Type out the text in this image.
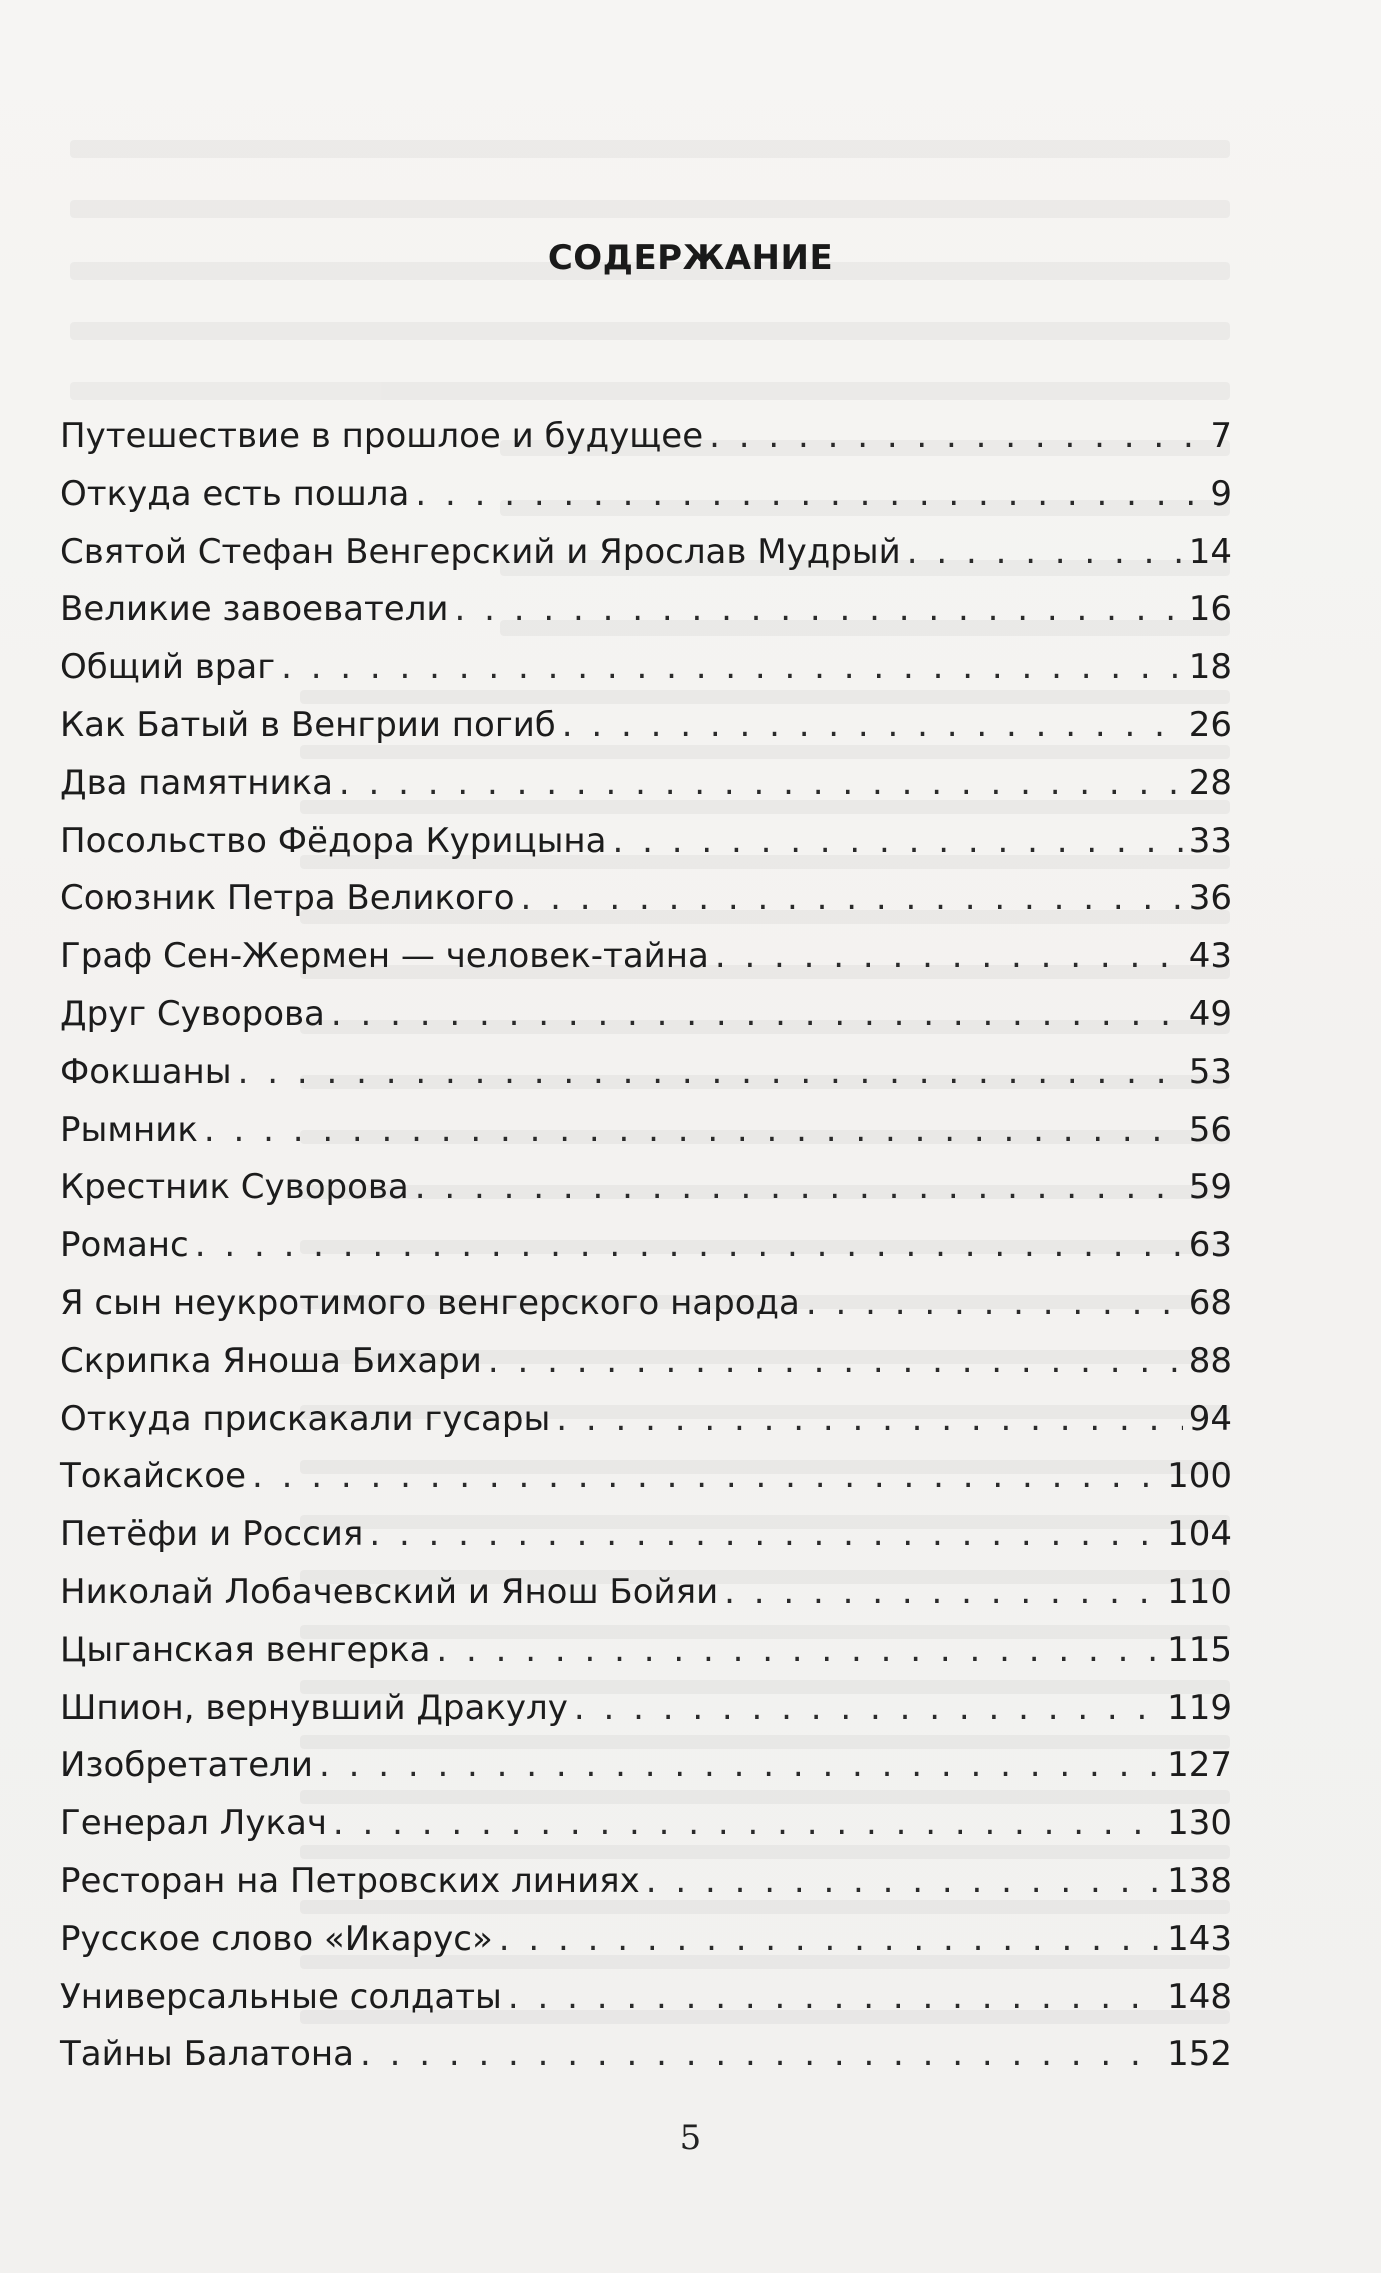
СОДЕРЖАНИЕ
Путешествие в прошлое и будущее . . .	7
Откуда есть пошла . . .	9
Святой Стефан Венгерский и Ярослав Мудрый . . .	14
Великие завоеватели . . .	16
Общий враг . . .	18
Как Батый в Венгрии погиб . . .	26
Два памятника . . .	28
Посольство Фёдора Курицына . . .	33
Союзник Петра Великого . . .	36
Граф Сен-Жермен — человек-тайна . . .	43
Друг Суворова . . .	49
Фокшаны . . .	53
Рымник . . .	56
Крестник Суворова . . .	59
Романс . . .	63
Я сын неукротимого венгерского народа . . .	68
Скрипка Яноша Бихари . . .	88
Откуда прискакали гусары . . .	94
Токайское . . .	100
Петёфи и Россия . . .	104
Николай Лобачевский и Янош Бойяи . . .	110
Цыганская венгерка . . .	115
Шпион, вернувший Дракулу . . .	119
Изобретатели . . .	127
Генерал Лукач . . .	130
Ресторан на Петровских линиях . . .	138
Русское слово «Икарус» . . .	143
Универсальные солдаты . . .	148
Тайны Балатона . . .	152
5
